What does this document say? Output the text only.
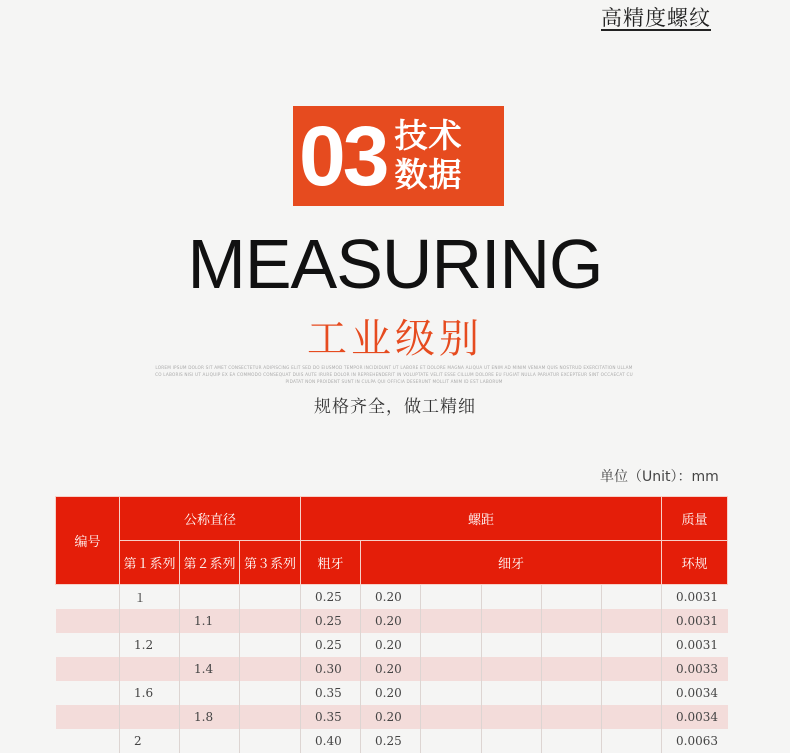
高精度螺纹
03 技术
数据
MEASURING
工业级别
LOREM IPSUM DOLOR SIT AMET CONSECTETUR ADIPISCING ELIT SED DO EIUSMOD TEMPOR INCIDIDUNT UT LABORE ET DOLORE MAGNA ALIQUA UT ENIM AD MINIM VENIAM QUIS NOSTRUD EXERCITATION ULLAMCO LABORIS NISI UT ALIQUIP EX EA COMMODO CONSEQUAT DUIS AUTE IRURE DOLOR IN REPREHENDERIT IN VOLUPTATE VELIT ESSE CILLUM DOLORE EU FUGIAT NULLA PARIATUR EXCEPTEUR SINT OCCAECAT CUPIDATAT NON PROIDENT SUNT IN CULPA QUI OFFICIA DESERUNT MOLLIT ANIM ID EST LABORUM
规格齐全，做工精细
单位（Unit）：mm
编号	公称直径			螺距						质量
	第１系列	第２系列	第３系列	粗牙	细牙					环规
	１			0.25	0.20					0.0031
		1.1		0.25	0.20					0.0031
	1.2			0.25	0.20					0.0031
		1.4		0.30	0.20					0.0033
	1.6			0.35	0.20					0.0034
		1.8		0.35	0.20					0.0034
	2			0.40	0.25					0.0063
